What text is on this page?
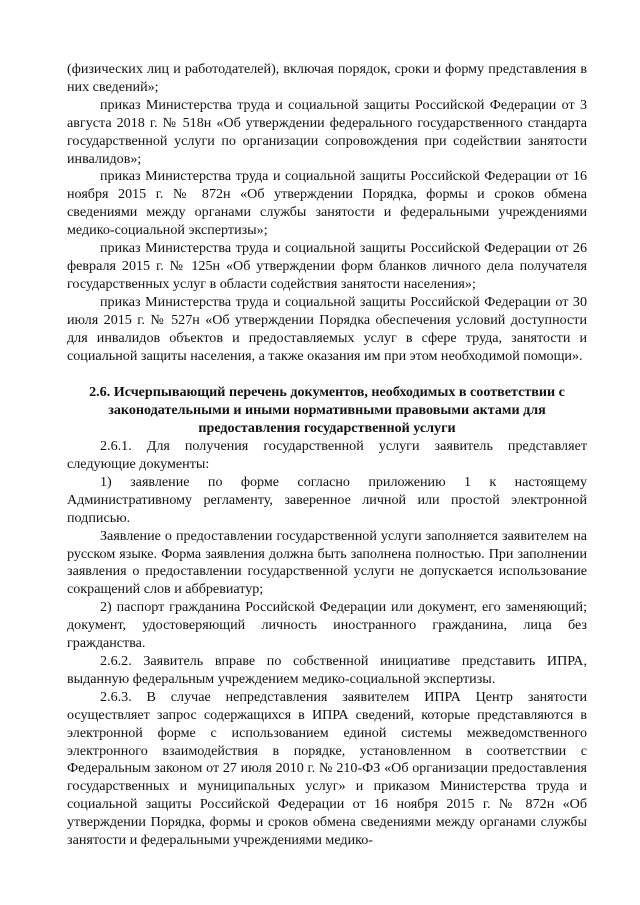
(физических лиц и работодателей), включая порядок, сроки и форму представления в них сведений»;

приказ Министерства труда и социальной защиты Российской Федерации от 3 августа 2018 г. № 518н «Об утверждении федерального государственного стандарта государственной услуги по организации сопровождения при содействии занятости инвалидов»;

приказ Министерства труда и социальной защиты Российской Федерации от 16 ноября 2015 г. № 872н «Об утверждении Порядка, формы и сроков обмена сведениями между органами службы занятости и федеральными учреждениями медико-социальной экспертизы»;

приказ Министерства труда и социальной защиты Российской Федерации от 26 февраля 2015 г. № 125н «Об утверждении форм бланков личного дела получателя государственных услуг в области содействия занятости населения»;

приказ Министерства труда и социальной защиты Российской Федерации от 30 июля 2015 г. № 527н «Об утверждении Порядка обеспечения условий доступности для инвалидов объектов и предоставляемых услуг в сфере труда, занятости и социальной защиты населения, а также оказания им при этом необходимой помощи».

2.6. Исчерпывающий перечень документов, необходимых в соответствии с законодательными и иными нормативными правовыми актами для предоставления государственной услуги

2.6.1. Для получения государственной услуги заявитель представляет следующие документы:

1) заявление по форме согласно приложению 1 к настоящему Административному регламенту, заверенное личной или простой электронной подписью.

Заявление о предоставлении государственной услуги заполняется заявителем на русском языке. Форма заявления должна быть заполнена полностью. При заполнении заявления о предоставлении государственной услуги не допускается использование сокращений слов и аббревиатур;

2) паспорт гражданина Российской Федерации или документ, его заменяющий; документ, удостоверяющий личность иностранного гражданина, лица без гражданства.

2.6.2. Заявитель вправе по собственной инициативе представить ИПРА, выданную федеральным учреждением медико-социальной экспертизы.

2.6.3. В случае непредставления заявителем ИПРА Центр занятости осуществляет запрос содержащихся в ИПРА сведений, которые представляются в электронной форме с использованием единой системы межведомственного электронного взаимодействия в порядке, установленном в соответствии с Федеральным законом от 27 июля 2010 г. № 210-ФЗ «Об организации предоставления государственных и муниципальных услуг» и приказом Министерства труда и социальной защиты Российской Федерации от 16 ноября 2015 г. № 872н «Об утверждении Порядка, формы и сроков обмена сведениями между органами службы занятости и федеральными учреждениями медико-
